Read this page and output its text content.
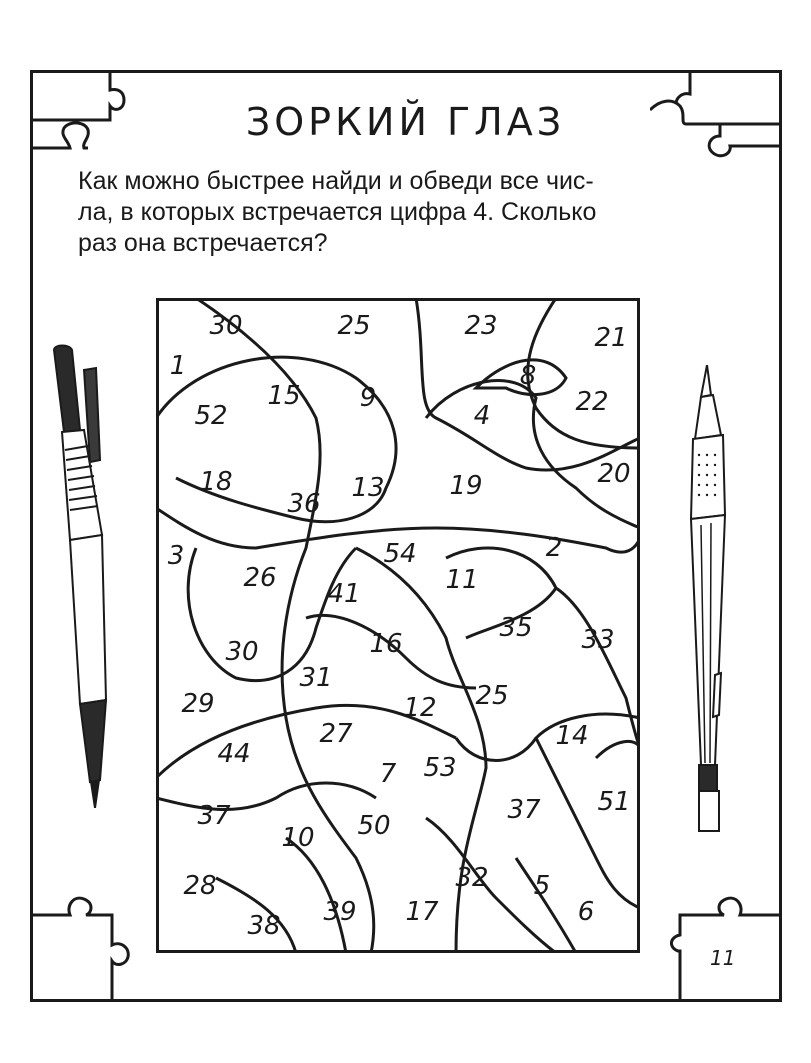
ЗОРКИЙ ГЛАЗ
Как можно быстрее найди и обведи все чис-
ла, в которых встречается цифра 4. Сколько
раз она встречается?
30	25	23	21
1	8
15 9
52	4	22
18
36
13 19	20
3	54	2
26
41	11
35 33
30	16
31
25
29	12
27	14
44
7 53
51
37	37
10 50
32 5
28
39 17	6
38
11
